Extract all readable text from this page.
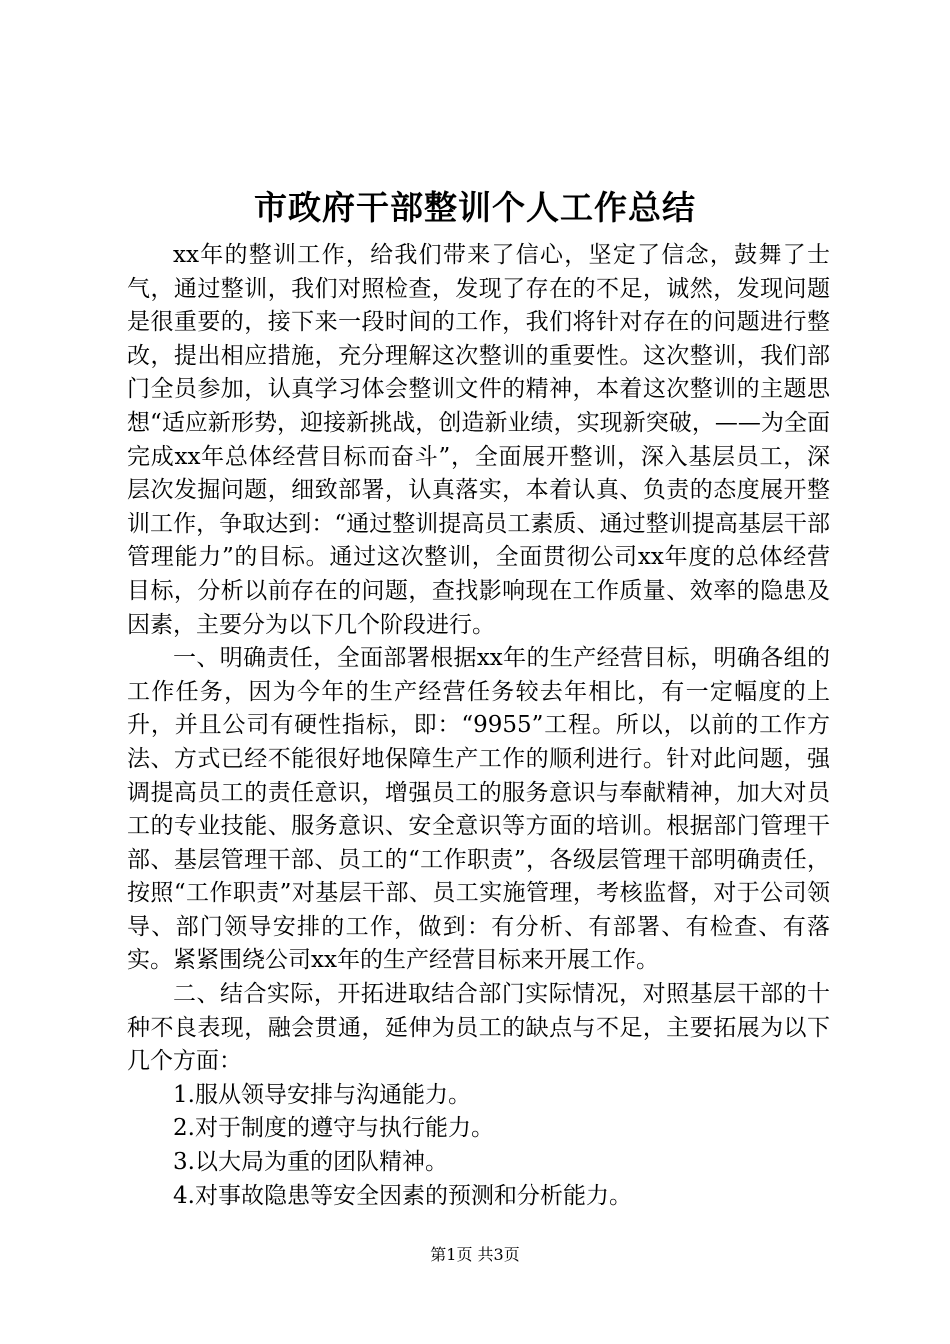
市政府干部整训个人工作总结

xx年的整训工作，给我们带来了信心，坚定了信念，鼓舞了士气，通过整训，我们对照检查，发现了存在的不足，诚然，发现问题是很重要的，接下来一段时间的工作，我们将针对存在的问题进行整改，提出相应措施，充分理解这次整训的重要性。这次整训，我们部门全员参加，认真学习体会整训文件的精神，本着这次整训的主题思想“适应新形势，迎接新挑战，创造新业绩，实现新突破，——为全面完成xx年总体经营目标而奋斗”，全面展开整训，深入基层员工，深层次发掘问题，细致部署，认真落实，本着认真、负责的态度展开整训工作，争取达到：“通过整训提高员工素质、通过整训提高基层干部管理能力”的目标。通过这次整训，全面贯彻公司xx年度的总体经营目标，分析以前存在的问题，查找影响现在工作质量、效率的隐患及因素，主要分为以下几个阶段进行。

一、明确责任，全面部署根据xx年的生产经营目标，明确各组的工作任务，因为今年的生产经营任务较去年相比，有一定幅度的上升，并且公司有硬性指标，即：“9955”工程。所以，以前的工作方法、方式已经不能很好地保障生产工作的顺利进行。针对此问题，强调提高员工的责任意识，增强员工的服务意识与奉献精神，加大对员工的专业技能、服务意识、安全意识等方面的培训。根据部门管理干部、基层管理干部、员工的“工作职责”，各级层管理干部明确责任，按照“工作职责”对基层干部、员工实施管理，考核监督，对于公司领导、部门领导安排的工作，做到：有分析、有部署、有检查、有落实。紧紧围绕公司xx年的生产经营目标来开展工作。

二、结合实际，开拓进取结合部门实际情况，对照基层干部的十种不良表现，融会贯通，延伸为员工的缺点与不足，主要拓展为以下几个方面：

1.服从领导安排与沟通能力。

2.对于制度的遵守与执行能力。

3.以大局为重的团队精神。

4.对事故隐患等安全因素的预测和分析能力。

第1页 共3页
